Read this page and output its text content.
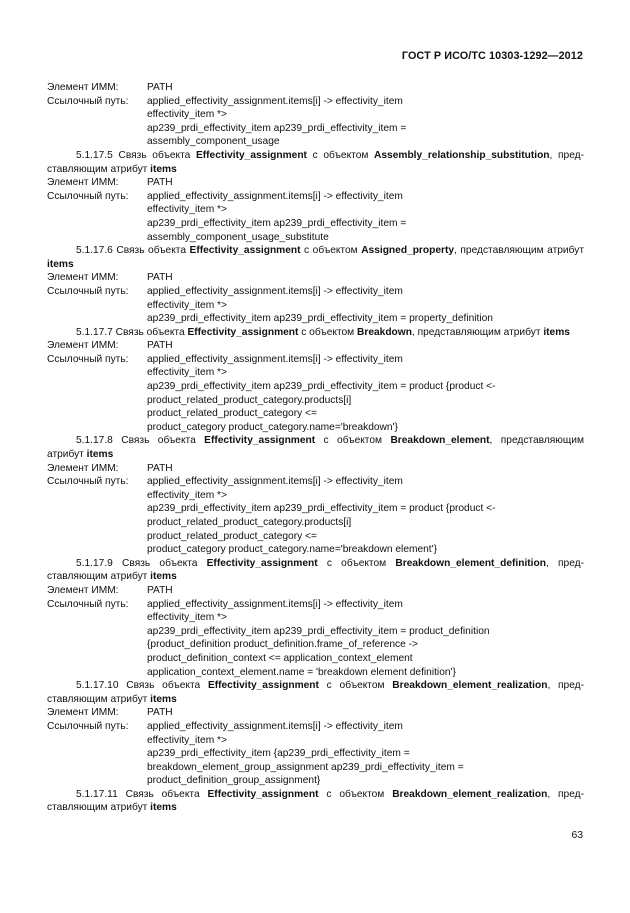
ГОСТ Р ИСО/ТС 10303-1292—2012
Элемент ИММ:	PATH
Ссылочный путь:	applied_effectivity_assignment.items[i] -> effectivity_item
effectivity_item *>
ap239_prdi_effectivity_item ap239_prdi_effectivity_item =
assembly_component_usage
5.1.17.5 Связь объекта Effectivity_assignment с объектом Assembly_relationship_substitution, пред-ставляющим атрибут items
Элемент ИММ:	PATH
Ссылочный путь:	applied_effectivity_assignment.items[i] -> effectivity_item
effectivity_item *>
ap239_prdi_effectivity_item ap239_prdi_effectivity_item =
assembly_component_usage_substitute
5.1.17.6 Связь объекта Effectivity_assignment с объектом Assigned_property, представляющим атрибут items
Элемент ИММ:	PATH
Ссылочный путь:	applied_effectivity_assignment.items[i] -> effectivity_item
effectivity_item *>
ap239_prdi_effectivity_item ap239_prdi_effectivity_item = property_definition
5.1.17.7 Связь объекта Effectivity_assignment с объектом Breakdown, представляющим атрибут items
Элемент ИММ:	PATH
Ссылочный путь:	applied_effectivity_assignment.items[i] -> effectivity_item
effectivity_item *>
ap239_prdi_effectivity_item ap239_prdi_effectivity_item = product {product <-
product_related_product_category.products[i]
product_related_product_category <=
product_category product_category.name='breakdown'}
5.1.17.8 Связь объекта Effectivity_assignment с объектом Breakdown_element, представляющим атрибут items
Элемент ИММ:	PATH
Ссылочный путь:	applied_effectivity_assignment.items[i] -> effectivity_item
effectivity_item *>
ap239_prdi_effectivity_item ap239_prdi_effectivity_item = product {product <-
product_related_product_category.products[i]
product_related_product_category <=
product_category product_category.name='breakdown element'}
5.1.17.9 Связь объекта Effectivity_assignment с объектом Breakdown_element_definition, пред-ставляющим атрибут items
Элемент ИММ:	PATH
Ссылочный путь:	applied_effectivity_assignment.items[i] -> effectivity_item
effectivity_item *>
ap239_prdi_effectivity_item ap239_prdi_effectivity_item = product_definition
{product_definition product_definition.frame_of_reference ->
product_definition_context <= application_context_element
application_context_element.name = 'breakdown element definition'}
5.1.17.10 Связь объекта Effectivity_assignment с объектом Breakdown_element_realization, пред-ставляющим атрибут items
Элемент ИММ:	PATH
Ссылочный путь:	applied_effectivity_assignment.items[i] -> effectivity_item
effectivity_item *>
ap239_prdi_effectivity_item {ap239_prdi_effectivity_item =
breakdown_element_group_assignment ap239_prdi_effectivity_item =
product_definition_group_assignment}
5.1.17.11 Связь объекта Effectivity_assignment с объектом Breakdown_element_realization, пред-ставляющим атрибут items
63
